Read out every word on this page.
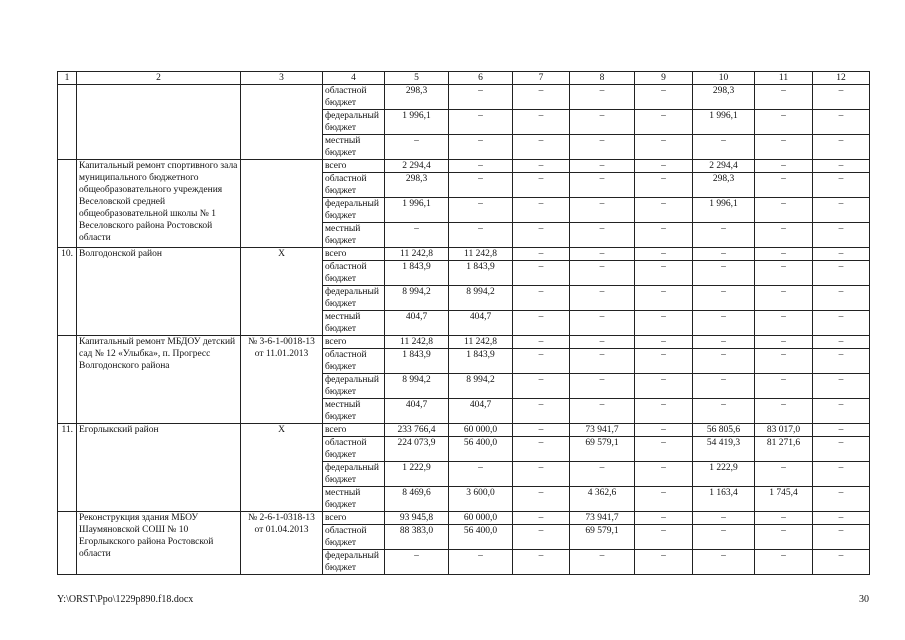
1	2	3	4	5	6	7	8	9	10	11	12
			областной бюджет	298,3	–	–	–	–	298,3	–	–
			федеральный бюджет	1 996,1	–	–	–	–	1 996,1	–	–
			местный бюджет	–	–	–	–	–	–	–	–
	Капитальный ремонт спортивного зала муниципального бюджетного общеобразовательного учреждения Веселовской средней общеобразовательной школы № 1 Веселовского района Ростовской области		всего	2 294,4	–	–	–	–	2 294,4	–	–
			областной бюджет	298,3	–	–	–	–	298,3	–	–
			федеральный бюджет	1 996,1	–	–	–	–	1 996,1	–	–
			местный бюджет	–	–	–	–	–	–	–	–
10.	Волгодонской район	Х	всего	11 242,8	11 242,8	–	–	–	–	–	–
			областной бюджет	1 843,9	1 843,9	–	–	–	–	–	–
			федеральный бюджет	8 994,2	8 994,2	–	–	–	–	–	–
			местный бюджет	404,7	404,7	–	–	–	–	–	–
	Капитальный ремонт МБДОУ детский сад № 12 «Улыбка», п. Прогресс Волгодонского района	№ 3-6-1-0018-13 от 11.01.2013	всего	11 242,8	11 242,8	–	–	–	–	–	–
			областной бюджет	1 843,9	1 843,9	–	–	–	–	–	–
			федеральный бюджет	8 994,2	8 994,2	–	–	–	–	–	–
			местный бюджет	404,7	404,7	–	–	–	–	–	–
11.	Егорлыкский район	Х	всего	233 766,4	60 000,0	–	73 941,7	–	56 805,6	83 017,0	–
			областной бюджет	224 073,9	56 400,0	–	69 579,1	–	54 419,3	81 271,6	–
			федеральный бюджет	1 222,9	–	–	–	–	1 222,9	–	–
			местный бюджет	8 469,6	3 600,0	–	4 362,6	–	1 163,4	1 745,4	–
	Реконструкция здания МБОУ Шаумяновской СОШ № 10 Егорлыкского района Ростовской области	№ 2-6-1-0318-13 от 01.04.2013	всего	93 945,8	60 000,0	–	73 941,7	–	–	–	–
			областной бюджет	88 383,0	56 400,0	–	69 579,1	–	–	–	–
			федеральный бюджет	–	–	–	–	–	–	–	–
Y:\ORST\Ppo\1229p890.f18.docx	30
